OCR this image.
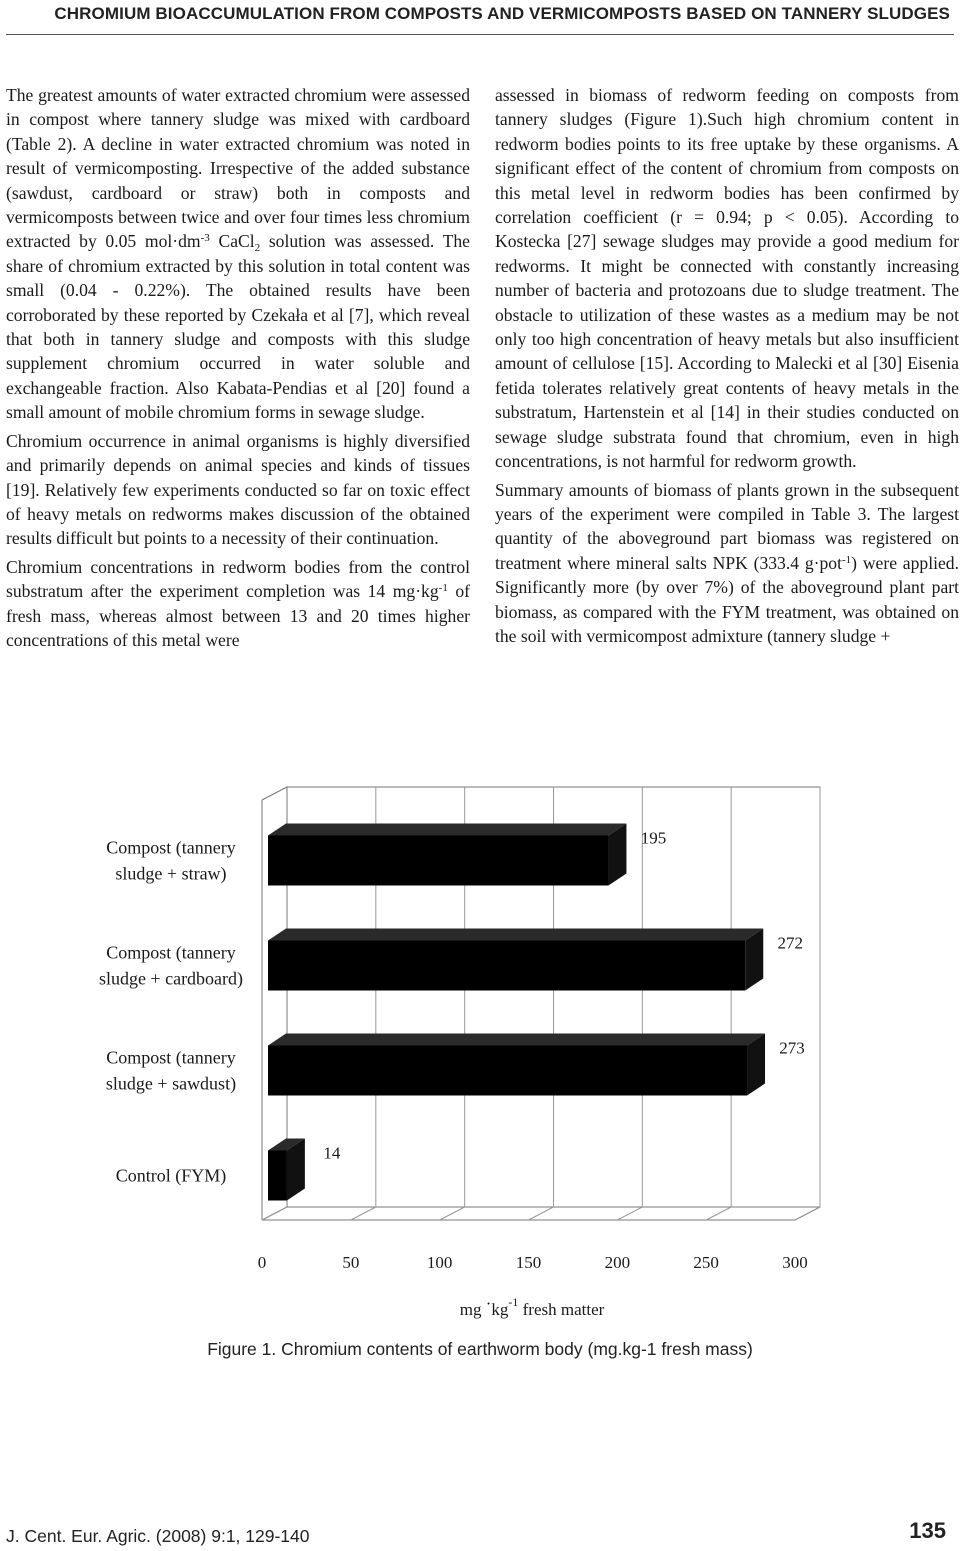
CHROMIUM BIOACCUMULATION FROM COMPOSTS AND VERMICOMPOSTS BASED ON TANNERY SLUDGES

The greatest amounts of water extracted chromium were assessed in compost where tannery sludge was mixed with cardboard (Table 2). A decline in water extracted chromium was noted in result of vermicomposting. Irrespective of the added substance (sawdust, cardboard or straw) both in composts and vermicomposts between twice and over four times less chromium extracted by 0.05 $mol\cdot dm^{-3}$ CaCl$_2$ solution was assessed. The share of chromium extracted by this solution in total content was small (0.04 - 0.22%). The obtained results have been corroborated by these reported by Czekała et al [7], which reveal that both in tannery sludge and composts with this sludge supplement chromium occurred in water soluble and exchangeable fraction. Also Kabata-Pendias et al [20] found a small amount of mobile chromium forms in sewage sludge.

Chromium occurrence in animal organisms is highly diversified and primarily depends on animal species and kinds of tissues [19]. Relatively few experiments conducted so far on toxic effect of heavy metals on redworms makes discussion of the obtained results difficult but points to a necessity of their continuation.

Chromium concentrations in redworm bodies from the control substratum after the experiment completion was 14 $mg\cdot kg^{-1}$ of fresh mass, whereas almost between 13 and 20 times higher concentrations of this metal were

assessed in biomass of redworm feeding on composts from tannery sludges (Figure 1).Such high chromium content in redworm bodies points to its free uptake by these organisms. A significant effect of the content of chromium from composts on this metal level in redworm bodies has been confirmed by correlation coefficient (r = 0.94; p < 0.05). According to Kostecka [27] sewage sludges may provide a good medium for redworms. It might be connected with constantly increasing number of bacteria and protozoans due to sludge treatment. The obstacle to utilization of these wastes as a medium may be not only too high concentration of heavy metals but also insufficient amount of cellulose [15]. According to Malecki et al [30] Eisenia fetida tolerates relatively great contents of heavy metals in the substratum, Hartenstein et al [14] in their studies conducted on sewage sludge substrata found that chromium, even in high concentrations, is not harmful for redworm growth.

Summary amounts of biomass of plants grown in the subsequent years of the experiment were compiled in Table 3. The largest quantity of the aboveground part biomass was registered on treatment where mineral salts NPK (333.4 g·pot$^{-1}$) were applied. Significantly more (by over 7%) of the aboveground plant part biomass, as compared with the FYM treatment, was obtained on the soil with vermicompost admixture (tannery sludge +

0	50	100	150	200	250	300
mg $\cdot kg^{-1}$ fresh matter
195
Compost (tannery
sludge + straw)
272
Compost (tannery
sludge + cardboard)
273
Compost (tannery
sludge + sawdust)
14
Control (FYM)
Figure 1. Chromium contents of earthworm body (mg.kg-1 fresh mass)
J. Cent. Eur. Agric. (2008) 9:1, 129-140	135
